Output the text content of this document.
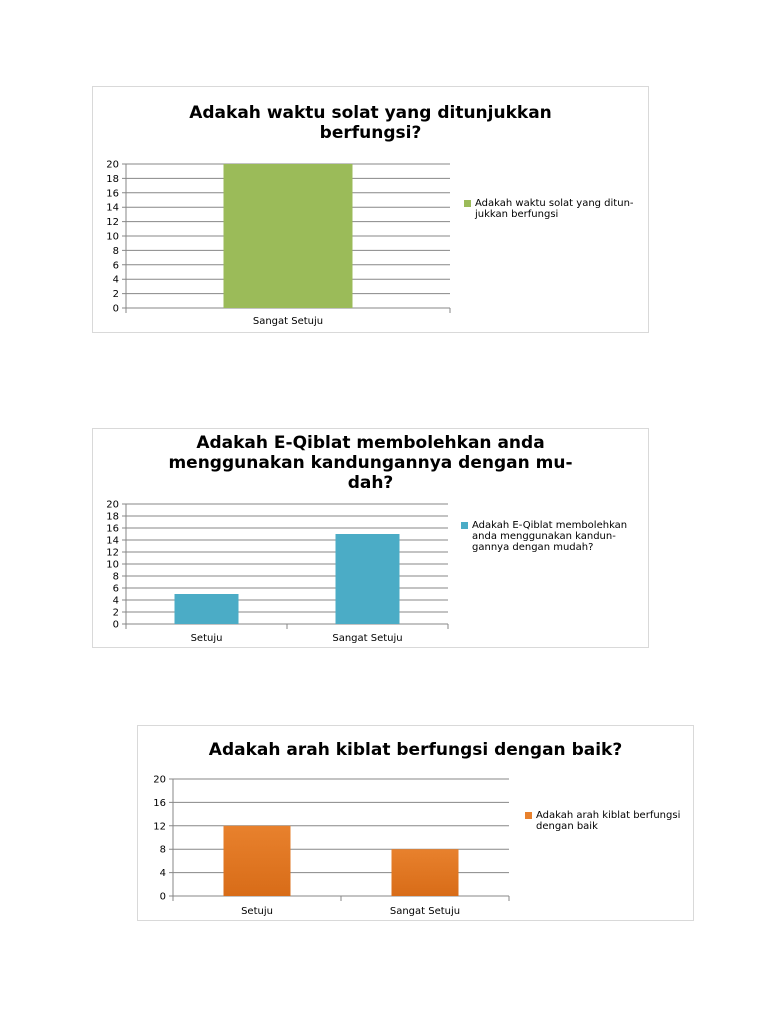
Adakah waktu solat yang ditunjukkan
berfungsi?
0
2
4
6
8
10
12
14
16
18
20
Sangat Setuju
Adakah waktu solat yang ditun-
jukkan berfungsi
Adakah E-Qiblat membolehkan anda
menggunakan kandungannya dengan mu-
dah?
0
2
4
6
8
10
12
14
16
18
20
Setuju	Sangat Setuju
Adakah E-Qiblat membolehkan
anda menggunakan kandun-
gannya dengan mudah?
Adakah arah kiblat berfungsi dengan baik?
0
4
8
12
16
20
Setuju	Sangat Setuju
Adakah arah kiblat berfungsi
dengan baik
